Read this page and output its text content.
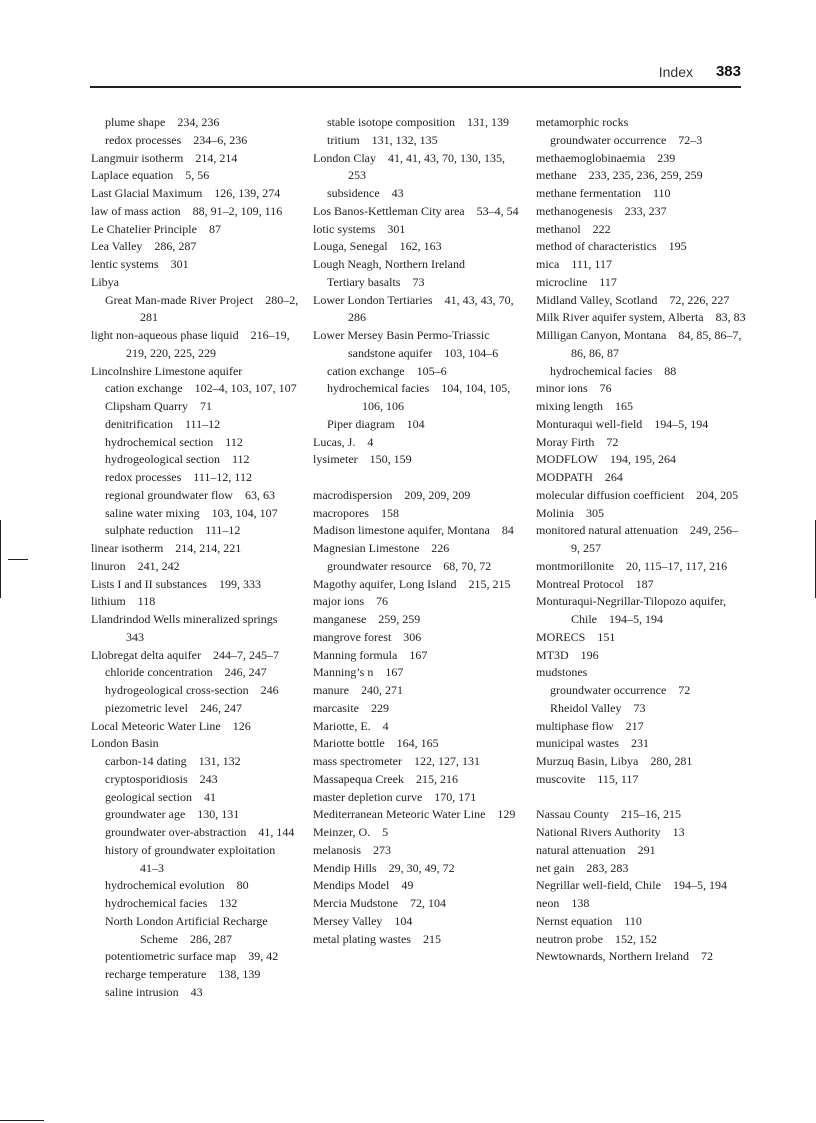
Index 383
plume shape 234, 236
redox processes 234–6, 236
Langmuir isotherm 214, 214
Laplace equation 5, 56
Last Glacial Maximum 126, 139, 274
law of mass action 88, 91–2, 109, 116
Le Chatelier Principle 87
Lea Valley 286, 287
lentic systems 301
Libya
Great Man-made River Project 280–2, 281
light non-aqueous phase liquid 216–19, 219, 220, 225, 229
Lincolnshire Limestone aquifer
cation exchange 102–4, 103, 107, 107
Clipsham Quarry 71
denitrification 111–12
hydrochemical section 112
hydrogeological section 112
redox processes 111–12, 112
regional groundwater flow 63, 63
saline water mixing 103, 104, 107
sulphate reduction 111–12
linear isotherm 214, 214, 221
linuron 241, 242
Lists I and II substances 199, 333
lithium 118
Llandrindod Wells mineralized springs 343
Llobregat delta aquifer 244–7, 245–7
chloride concentration 246, 247
hydrogeological cross-section 246
piezometric level 246, 247
Local Meteoric Water Line 126
London Basin
carbon-14 dating 131, 132
cryptosporidiosis 243
geological section 41
groundwater age 130, 131
groundwater over-abstraction 41, 144
history of groundwater exploitation 41–3
hydrochemical evolution 80
hydrochemical facies 132
North London Artificial Recharge Scheme 286, 287
potentiometric surface map 39, 42
recharge temperature 138, 139
saline intrusion 43
stable isotope composition 131, 139
tritium 131, 132, 135
London Clay 41, 41, 43, 70, 130, 135, 253
subsidence 43
Los Banos-Kettleman City area 53–4, 54
lotic systems 301
Louga, Senegal 162, 163
Lough Neagh, Northern Ireland
Tertiary basalts 73
Lower London Tertiaries 41, 43, 43, 70, 286
Lower Mersey Basin Permo-Triassic sandstone aquifer 103, 104–6
cation exchange 105–6
hydrochemical facies 104, 104, 105, 106, 106
Piper diagram 104
Lucas, J. 4
lysimeter 150, 159
macrodispersion 209, 209, 209
macropores 158
Madison limestone aquifer, Montana 84
Magnesian Limestone 226
groundwater resource 68, 70, 72
Magothy aquifer, Long Island 215, 215
major ions 76
manganese 259, 259
mangrove forest 306
Manning formula 167
Manning’s n 167
manure 240, 271
marcasite 229
Mariotte, E. 4
Mariotte bottle 164, 165
mass spectrometer 122, 127, 131
Massapequa Creek 215, 216
master depletion curve 170, 171
Mediterranean Meteoric Water Line 129
Meinzer, O. 5
melanosis 273
Mendip Hills 29, 30, 49, 72
Mendips Model 49
Mercia Mudstone 72, 104
Mersey Valley 104
metal plating wastes 215
metamorphic rocks
groundwater occurrence 72–3
methaemoglobinaemia 239
methane 233, 235, 236, 259, 259
methane fermentation 110
methanogenesis 233, 237
methanol 222
method of characteristics 195
mica 111, 117
microcline 117
Midland Valley, Scotland 72, 226, 227
Milk River aquifer system, Alberta 83, 83
Milligan Canyon, Montana 84, 85, 86–7, 86, 86, 87
hydrochemical facies 88
minor ions 76
mixing length 165
Monturaqui well-field 194–5, 194
Moray Firth 72
MODFLOW 194, 195, 264
MODPATH 264
molecular diffusion coefficient 204, 205
Molinia 305
monitored natural attenuation 249, 256–9, 257
montmorillonite 20, 115–17, 117, 216
Montreal Protocol 187
Monturaqui-Negrillar-Tilopozo aquifer, Chile 194–5, 194
MORECS 151
MT3D 196
mudstones
groundwater occurrence 72
Rheidol Valley 73
multiphase flow 217
municipal wastes 231
Murzuq Basin, Libya 280, 281
muscovite 115, 117
Nassau County 215–16, 215
National Rivers Authority 13
natural attenuation 291
net gain 283, 283
Negrillar well-field, Chile 194–5, 194
neon 138
Nernst equation 110
neutron probe 152, 152
Newtownards, Northern Ireland 72
